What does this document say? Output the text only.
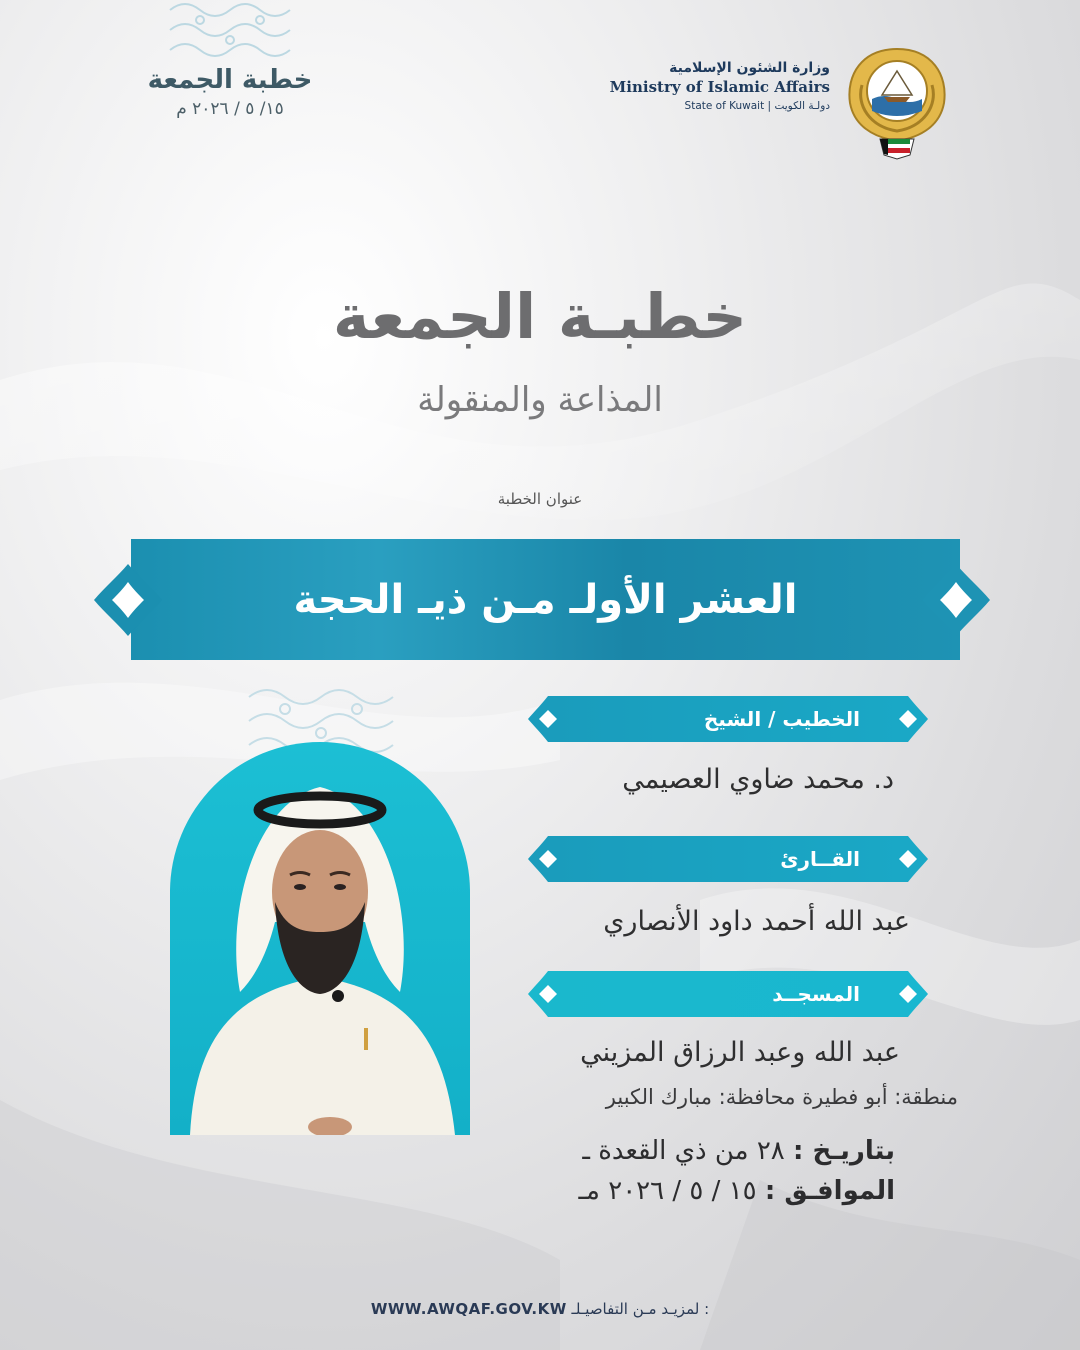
خطبة الجمعة
١٥/ ٥ / ٢٠٢٦ م
وزارة الشئون الإسلامية
Ministry of Islamic Affairs
State of Kuwait | دولـة الكويت
خطبـة الجمعة
المذاعة والمنقولة
عنوان الخطبة
العشر الأولـ مـن ذيـ الحجة
الخطيب / الشيخ
د. محمد ضاوي العصيمي
القــارئ
عبد الله أحمد داود الأنصاري
المسجــد
عبد الله وعبد الرزاق المزيني
منطقة: أبو فطيرة محافظة: مبارك الكبير
بتاريـخ : ٢٨ من ذي القعدة ـ
الموافـق : ١٥ / ٥ / ٢٠٢٦ مـ
WWW.AWQAF.GOV.KW لمزيـد مـن التفاصيـلـ :
